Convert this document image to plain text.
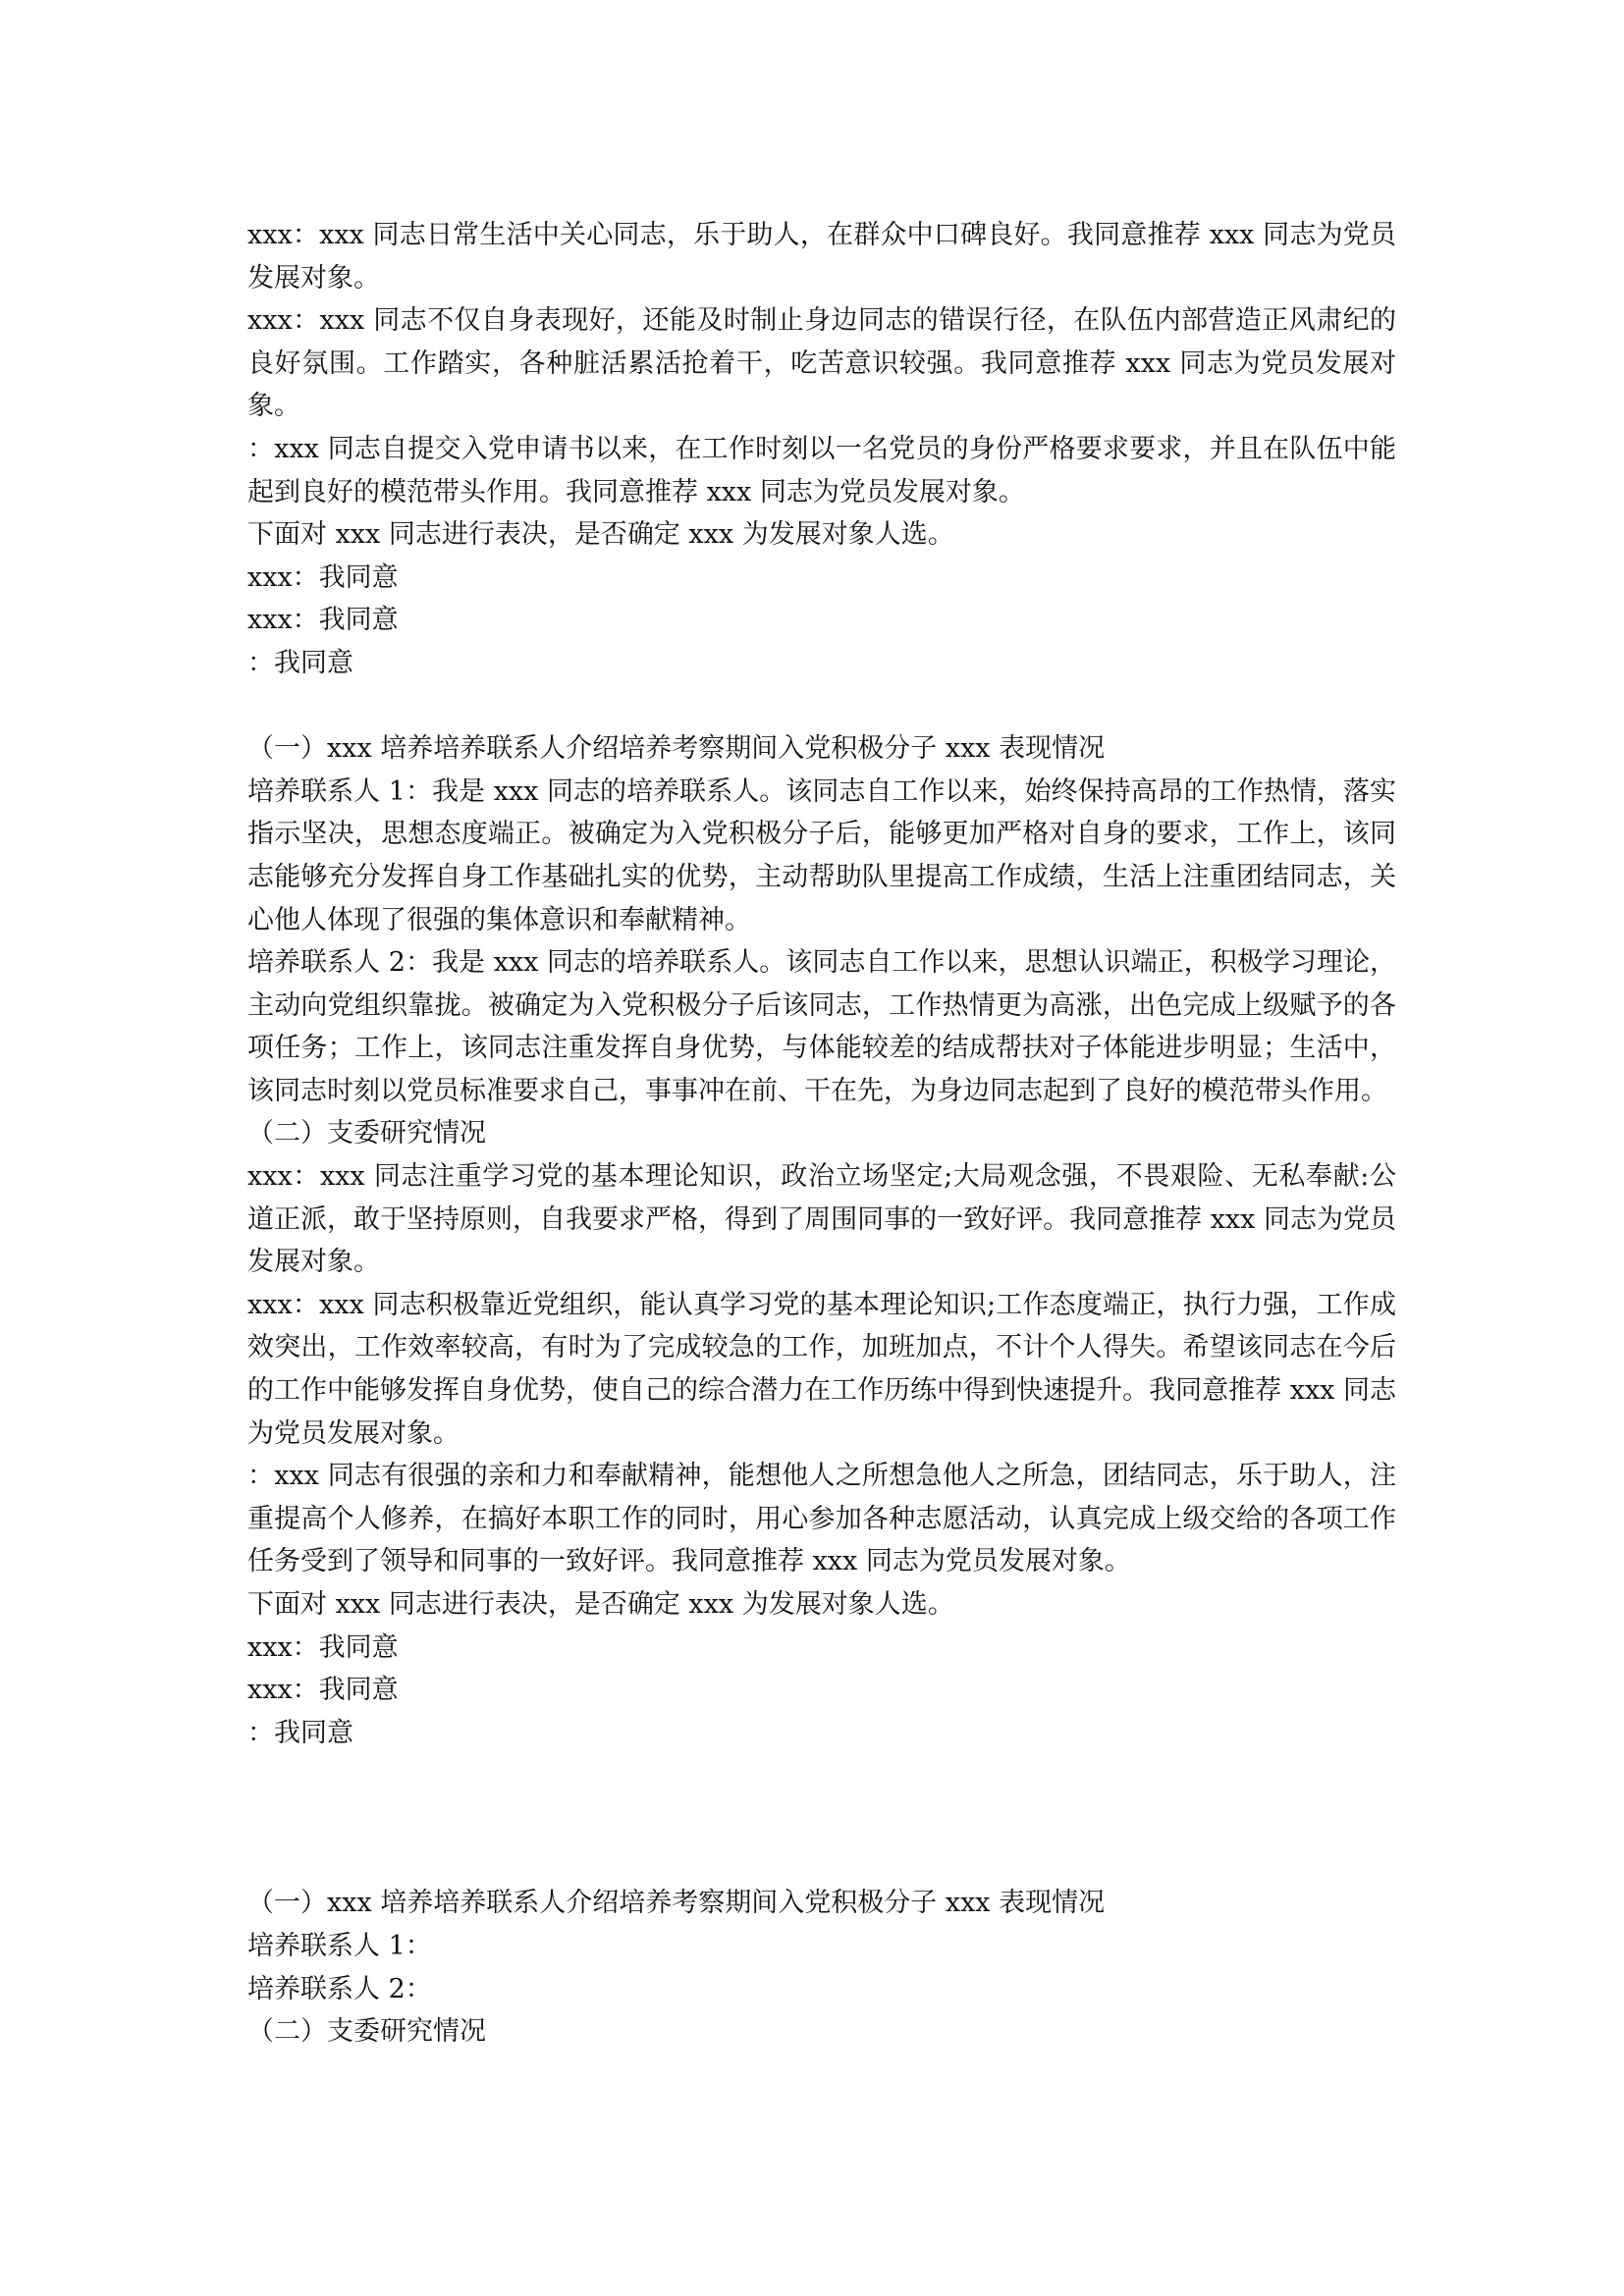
xxx：xxx 同志日常生活中关心同志，乐于助人，在群众中口碑良好。我同意推荐 xxx 同志为党员发展对象。

xxx：xxx 同志不仅自身表现好，还能及时制止身边同志的错误行径，在队伍内部营造正风肃纪的良好氛围。工作踏实，各种脏活累活抢着干，吃苦意识较强。我同意推荐 xxx 同志为党员发展对象。

：xxx 同志自提交入党申请书以来，在工作时刻以一名党员的身份严格要求要求，并且在队伍中能起到良好的模范带头作用。我同意推荐 xxx 同志为党员发展对象。

下面对 xxx 同志进行表决，是否确定 xxx 为发展对象人选。

xxx：我同意

xxx：我同意

：我同意

（一）xxx 培养培养联系人介绍培养考察期间入党积极分子 xxx 表现情况

培养联系人 1：我是 xxx 同志的培养联系人。该同志自工作以来，始终保持高昂的工作热情，落实指示坚决，思想态度端正。被确定为入党积极分子后，能够更加严格对自身的要求，工作上，该同志能够充分发挥自身工作基础扎实的优势，主动帮助队里提高工作成绩，生活上注重团结同志，关心他人体现了很强的集体意识和奉献精神。

培养联系人 2：我是 xxx 同志的培养联系人。该同志自工作以来，思想认识端正，积极学习理论，主动向党组织靠拢。被确定为入党积极分子后该同志，工作热情更为高涨，出色完成上级赋予的各项任务；工作上，该同志注重发挥自身优势，与体能较差的结成帮扶对子体能进步明显；生活中，该同志时刻以党员标准要求自己，事事冲在前、干在先，为身边同志起到了良好的模范带头作用。

（二）支委研究情况

xxx：xxx 同志注重学习党的基本理论知识，政治立场坚定;大局观念强，不畏艰险、无私奉献:公道正派，敢于坚持原则，自我要求严格，得到了周围同事的一致好评。我同意推荐 xxx 同志为党员发展对象。

xxx：xxx 同志积极靠近党组织，能认真学习党的基本理论知识;工作态度端正，执行力强，工作成效突出，工作效率较高，有时为了完成较急的工作，加班加点，不计个人得失。希望该同志在今后的工作中能够发挥自身优势，使自己的综合潜力在工作历练中得到快速提升。我同意推荐 xxx 同志为党员发展对象。

：xxx 同志有很强的亲和力和奉献精神，能想他人之所想急他人之所急，团结同志，乐于助人，注重提高个人修养，在搞好本职工作的同时，用心参加各种志愿活动，认真完成上级交给的各项工作任务受到了领导和同事的一致好评。我同意推荐 xxx 同志为党员发展对象。

下面对 xxx 同志进行表决，是否确定 xxx 为发展对象人选。

xxx：我同意

xxx：我同意

：我同意

（一）xxx 培养培养联系人介绍培养考察期间入党积极分子 xxx 表现情况

培养联系人 1：

培养联系人 2：

（二）支委研究情况
